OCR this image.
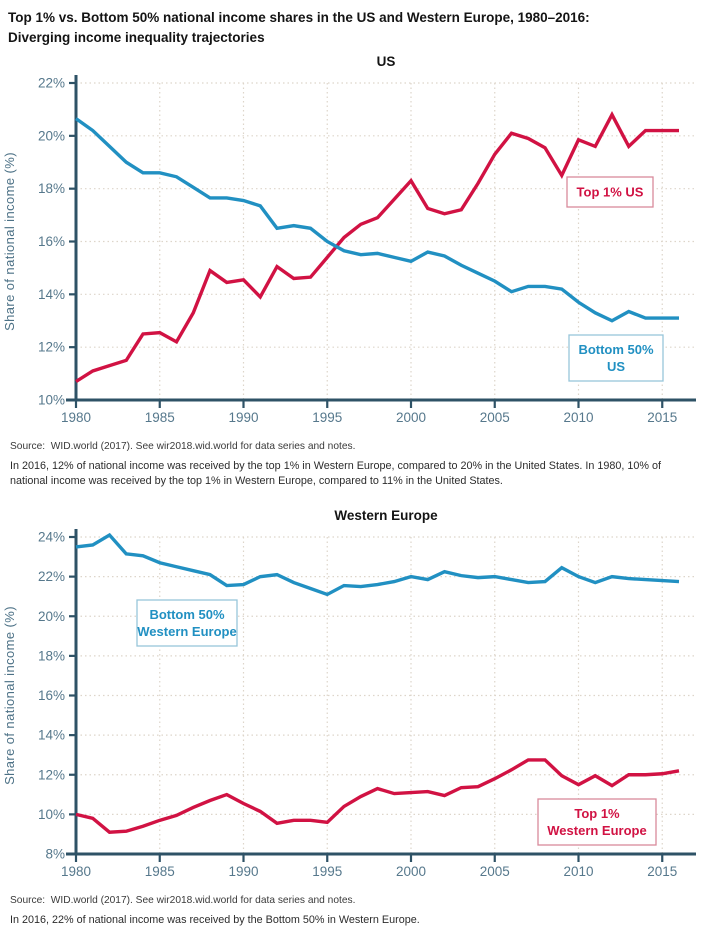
Top 1% vs. Bottom 50% national income shares in the US and Western Europe, 1980–2016:
Diverging income inequality trajectories
10%
12%
14%
16%
18%
20%
22%
1980	1985	1990	1995	2000	2005	2010	2015
US
Share of national income (%)	Top 1% US
Bottom 50%
US
Source:  WID.world (2017). See wir2018.wid.world for data series and notes.
In 2016, 12% of national income was received by the top 1% in Western Europe, compared to 20% in the United States. In 1980, 10% of national income was received by the top 1% in Western Europe, compared to 11% in the United States.
8%
10%
12%
14%
16%
18%
20%
22%
24%
1980	1985	1990	1995	2000	2005	2010	2015
Western Europe
Share of national income (%)	Bottom 50%
Western Europe
Top 1%
Western Europe
Source:  WID.world (2017). See wir2018.wid.world for data series and notes.
In 2016, 22% of national income was received by the Bottom 50% in Western Europe.
